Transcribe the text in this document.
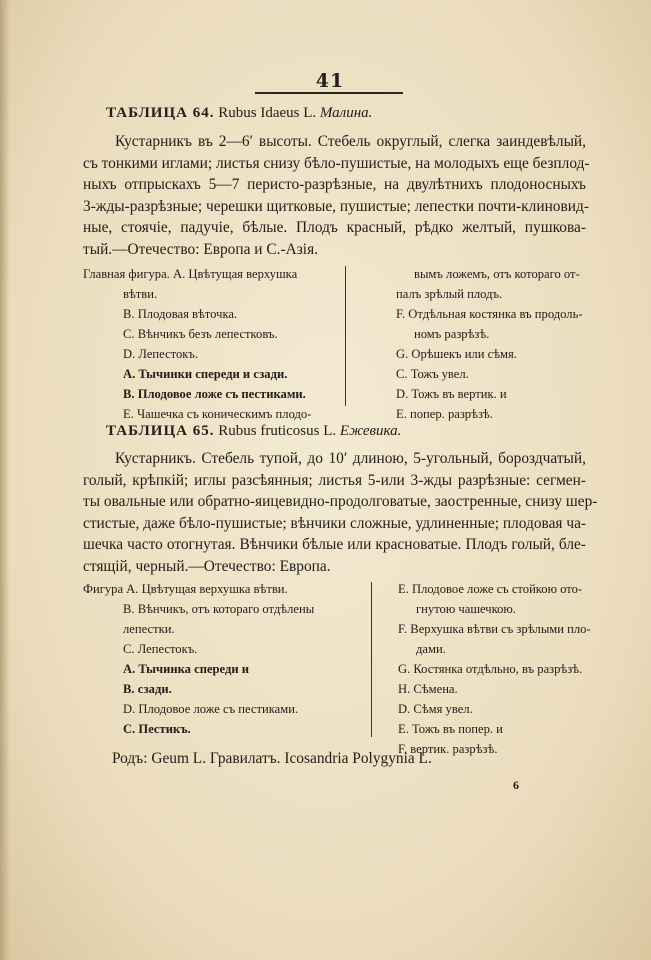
41
ТАБЛИЦА 64. Rubus Idaeus L. Малина.
Кустарникъ въ 2—6′ высоты. Стебель округлый, слегка заиндевѣлый,
съ тонкими иглами; листья снизу бѣло-пушистые, на молодыхъ еще безплод-
ныхъ отпрыскахъ 5—7 перисто-разрѣзные, на двулѣтнихъ плодоносныхъ
3-жды-разрѣзные; черешки щитковые, пушистые; лепестки почти-клиновид-
ные, стоячіе, падучіе, бѣлые. Плодъ красный, рѣдко желтый, пушкова-
тый.—Отечество: Европа и С.-Азія.
Главная фигура. А. Цвѣтущая верхушка
вѣтви.
B. Плодовая вѣточка.
C. Вѣнчикъ безъ лепестковъ.
D. Лепестокъ.
A. Тычинки спереди и сзади.
B. Плодовое ложе съ пестиками.
E. Чашечка съ коническимъ плодо-
вымъ ложемъ, отъ котораго от-
палъ зрѣлый плодъ.
F. Отдѣльная костянка въ продоль-
номъ разрѣзѣ.
G. Орѣшекъ или сѣмя.
C. Тожъ увел.
D. Тожъ въ вертик. и
E. попер. разрѣзѣ.
ТАБЛИЦА 65. Rubus fruticosus L. Ежевика.
Кустарникъ. Стебель тупой, до 10′ длиною, 5-угольный, бороздчатый,
голый, крѣпкій; иглы разсѣянныя; листья 5-или 3-жды разрѣзные: сегмен-
ты овальные или обратно-яицевидно-продолговатые, заостренные, снизу шер-
стистые, даже бѣло-пушистые; вѣнчики сложные, удлиненные; плодовая ча-
шечка часто отогнутая. Вѣнчики бѣлые или красноватые. Плодъ голый, бле-
стящій, черный.—Отечество: Европа.
Фигура А. Цвѣтущая верхушка вѣтви.
B. Вѣнчикъ, отъ котораго отдѣлены
лепестки.
C. Лепестокъ.
A. Тычинка спереди и
B. сзади.
D. Плодовое ложе съ пестиками.
C. Пестикъ.
E. Плодовое ложе съ стойкою ото-
гнутою чашечкою.
F. Верхушка вѣтви съ зрѣлыми пло-
дами.
G. Костянка отдѣльно, въ разрѣзѣ.
H. Сѣмена.
D. Сѣмя увел.
E. Тожъ въ попер. и
F. вертик. разрѣзѣ.
Родъ: Geum L. Гравилатъ. Icosandria Polygynia L.
6
